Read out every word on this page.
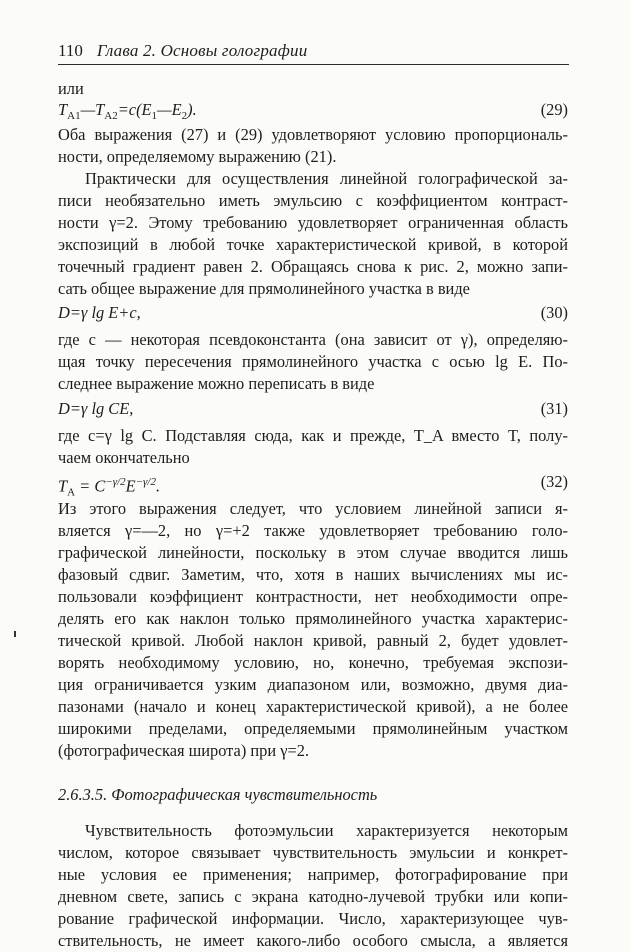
110 Глава 2. Основы голографии
или
$T_{A1}—T_{A2}=c(E_1—E_2)$.	(29)
Оба выражения (27) и (29) удовлетворяют условию пропорциональ-
ности, определяемому выражению (21).
Практически для осуществления линейной голографической за-
писи необязательно иметь эмульсию с коэффициентом контраст-
ности γ=2. Этому требованию удовлетворяет ограниченная область
экспозиций в любой точке характеристической кривой, в которой
точечный градиент равен 2. Обращаясь снова к рис. 2, можно запи-
сать общее выражение для прямолинейного участка в виде
D=γ lg E+c,	(30)
где c — некоторая псевдоконстанта (она зависит от γ), определяю-
щая точку пересечения прямолинейного участка с осью lg E. По-
следнее выражение можно переписать в виде
D=γ lg CE,	(31)
где c=γ lg C. Подставляя сюда, как и прежде, T_A вместо T, полу-
чаем окончательно
$T_A = C^{-\gamma/2}E^{-\gamma/2}$.	(32)
Из этого выражения следует, что условием линейной записи я-
вляется γ=—2, но γ=+2 также удовлетворяет требованию голо-
графической линейности, поскольку в этом случае вводится лишь
фазовый сдвиг. Заметим, что, хотя в наших вычислениях мы ис-
пользовали коэффициент контрастности, нет необходимости опре-
делять его как наклон только прямолинейного участка характерис-
тической кривой. Любой наклон кривой, равный 2, будет удовлет-
ворять необходимому условию, но, конечно, требуемая экспози-
ция ограничивается узким диапазоном или, возможно, двумя диа-
пазонами (начало и конец характеристической кривой), а не более
широкими пределами, определяемыми прямолинейным участком
(фотографическая широта) при γ=2.
2.6.3.5. Фотографическая чувствительность
Чувствительность фотоэмульсии характеризуется некоторым
числом, которое связывает чувствительность эмульсии и конкрет-
ные условия ее применения; например, фотографирование при
дневном свете, запись с экрана катодно-лучевой трубки или копи-
рование графической информации. Число, характеризующее чув-
ствительность, не имеет какого-либо особого смысла, а является
